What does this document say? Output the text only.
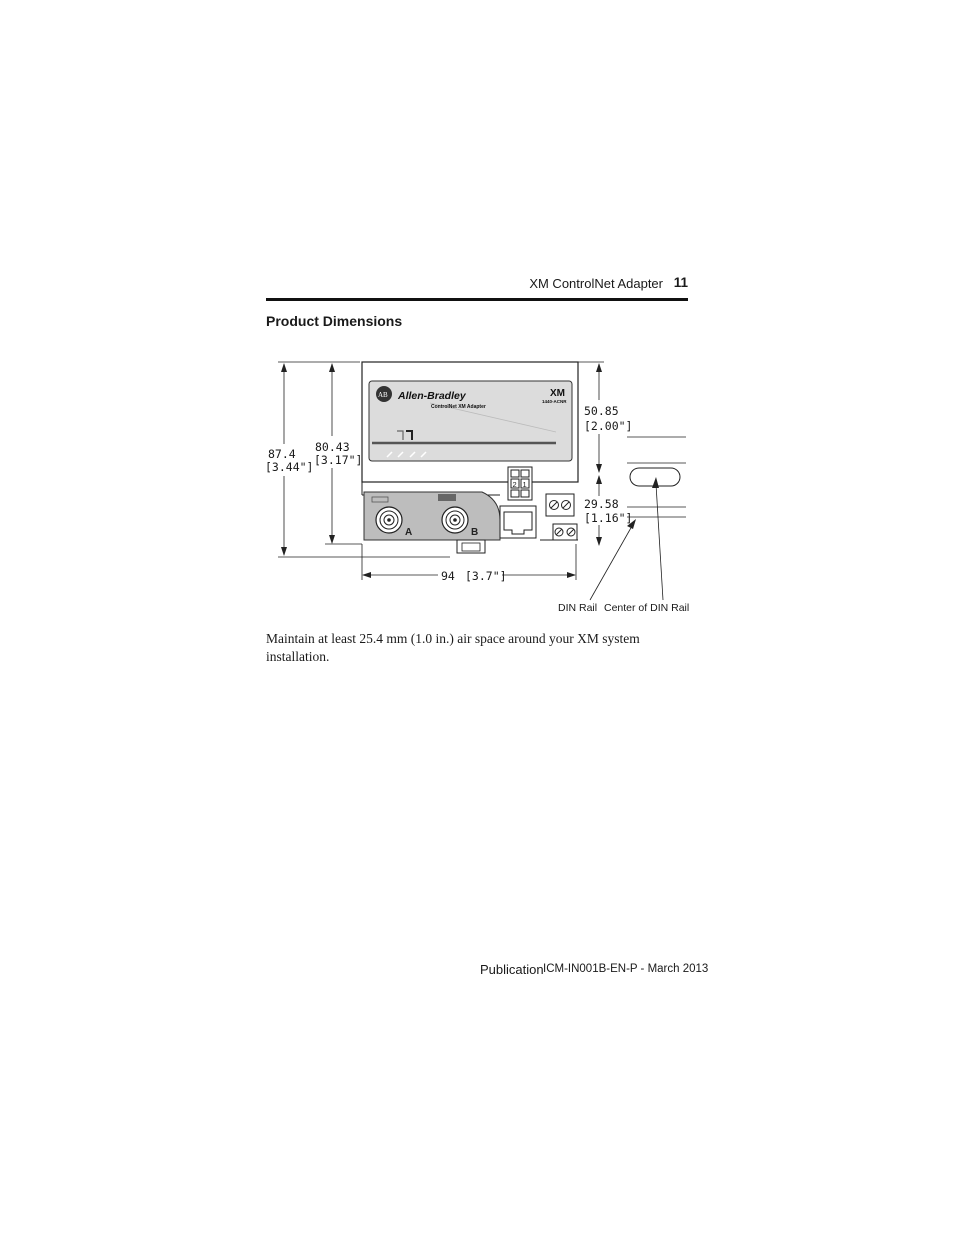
XM ControlNet Adapter 11
Product Dimensions
87.4
[3.44"]
80.43
[3.17"]
AB Allen-Bradley
ControlNet XM Adapter
XM
1440-ACNR
A	B
2 1
94 [3.7"]
50.85
[2.00"]
29.58
[1.16"]
DIN Rail Center of DIN Rail
Maintain at least 25.4 mm (1.0 in.) air space around your XM system installation.
Publication ICM-IN001B-EN-P - March 2013
